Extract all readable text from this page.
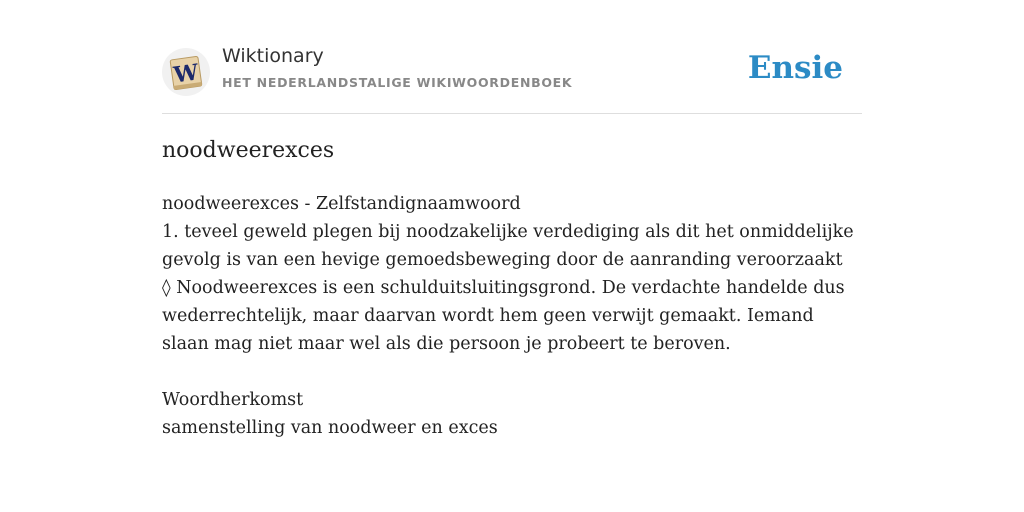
W
Wiktionary
HET NEDERLANDSTALIGE WIKIWOORDENBOEK	Ensie
noodweerexces

noodweerexces - Zelfstandignaamwoord

1. teveel geweld plegen bij noodzakelijke verdediging als dit het onmiddelijke gevolg is van een hevige gemoedsbeweging door de aanranding veroorzaakt

◊ Noodweerexces is een schulduitsluitingsgrond. De verdachte handelde dus wederrechtelijk, maar daarvan wordt hem geen verwijt gemaakt. Iemand slaan mag niet maar wel als die persoon je probeert te beroven.

Woordherkomst

samenstelling van noodweer en exces
